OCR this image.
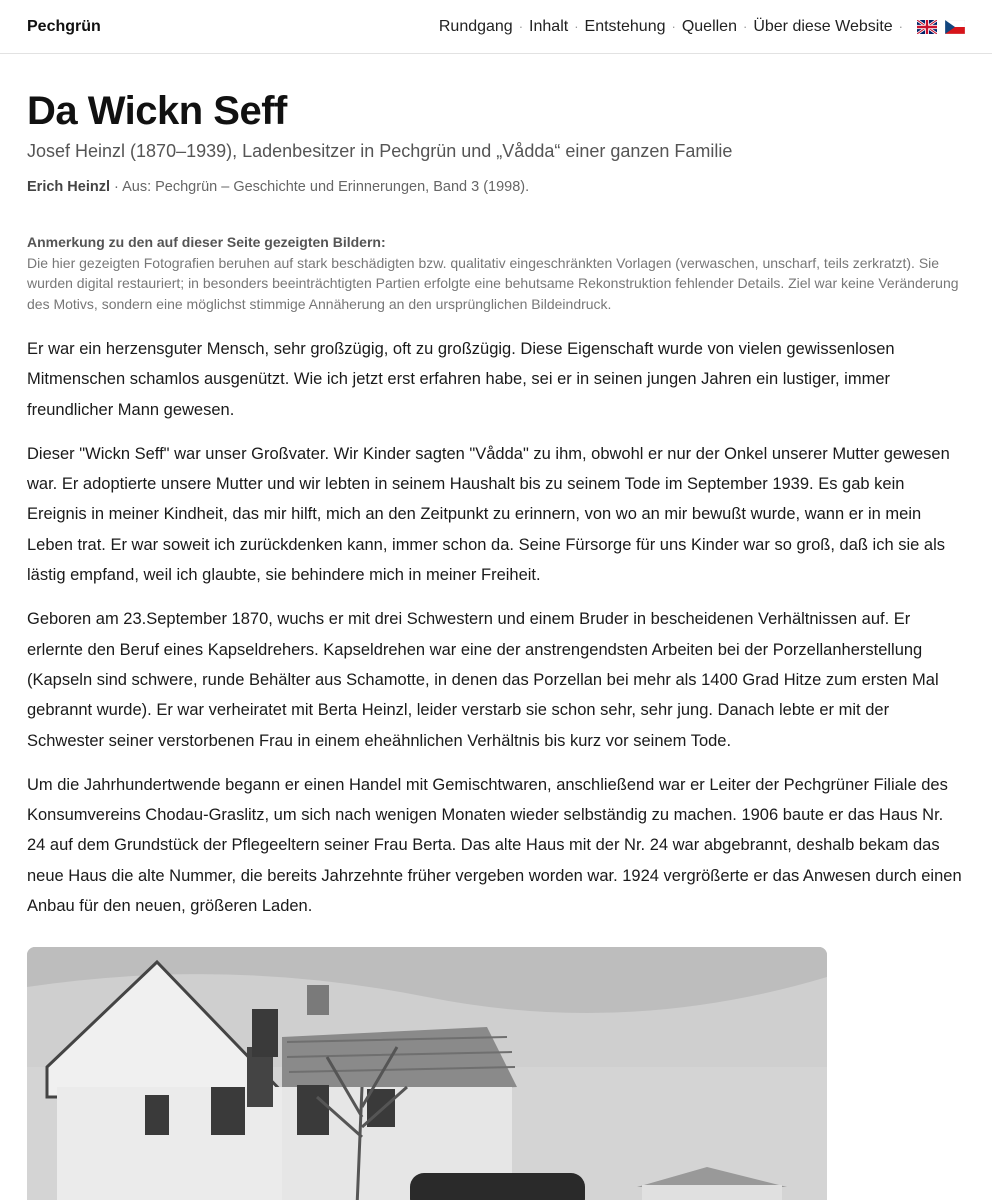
Pechgrün	Rundgang · Inhalt · Entstehung · Quellen · Über diese Website ·
Da Wickn Seff
Josef Heinzl (1870–1939), Ladenbesitzer in Pechgrün und „Vådda“ einer ganzen Familie
Erich Heinzl · Aus: Pechgrün – Geschichte und Erinnerungen, Band 3 (1998).
Anmerkung zu den auf dieser Seite gezeigten Bildern:
Die hier gezeigten Fotografien beruhen auf stark beschädigten bzw. qualitativ eingeschränkten Vorlagen (verwaschen, unscharf, teils zerkratzt). Sie wurden digital restauriert; in besonders beeinträchtigten Partien erfolgte eine behutsame Rekonstruktion fehlender Details. Ziel war keine Veränderung des Motivs, sondern eine möglichst stimmige Annäherung an den ursprünglichen Bildeindruck.

Er war ein herzensguter Mensch, sehr großzügig, oft zu großzügig. Diese Eigenschaft wurde von vielen gewissenlosen Mitmenschen schamlos ausgenützt. Wie ich jetzt erst erfahren habe, sei er in seinen jungen Jahren ein lustiger, immer freundlicher Mann gewesen.

Dieser "Wickn Seff" war unser Großvater. Wir Kinder sagten "Vådda" zu ihm, obwohl er nur der Onkel unserer Mutter gewesen war. Er adoptierte unsere Mutter und wir lebten in seinem Haushalt bis zu seinem Tode im September 1939. Es gab kein Ereignis in meiner Kindheit, das mir hilft, mich an den Zeitpunkt zu erinnern, von wo an mir bewußt wurde, wann er in mein Leben trat. Er war soweit ich zurückdenken kann, immer schon da. Seine Fürsorge für uns Kinder war so groß, daß ich sie als lästig empfand, weil ich glaubte, sie behindere mich in meiner Freiheit.

Geboren am 23.September 1870, wuchs er mit drei Schwestern und einem Bruder in bescheidenen Verhältnissen auf. Er erlernte den Beruf eines Kapseldrehers. Kapseldrehen war eine der anstrengendsten Arbeiten bei der Porzellanherstellung (Kapseln sind schwere, runde Behälter aus Schamotte, in denen das Porzellan bei mehr als 1400 Grad Hitze zum ersten Mal gebrannt wurde). Er war verheiratet mit Berta Heinzl, leider verstarb sie schon sehr, sehr jung. Danach lebte er mit der Schwester seiner verstorbenen Frau in einem eheähnlichen Verhältnis bis kurz vor seinem Tode.

Um die Jahrhundertwende begann er einen Handel mit Gemischtwaren, anschließend war er Leiter der Pechgrüner Filiale des Konsumvereins Chodau-Graslitz, um sich nach wenigen Monaten wieder selbständig zu machen. 1906 baute er das Haus Nr. 24 auf dem Grundstück der Pflegeeltern seiner Frau Berta. Das alte Haus mit der Nr. 24 war abgebrannt, deshalb bekam das neue Haus die alte Nummer, die bereits Jahrzehnte früher vergeben worden war. 1924 vergrößerte er das Anwesen durch einen Anbau für den neuen, größeren Laden.
